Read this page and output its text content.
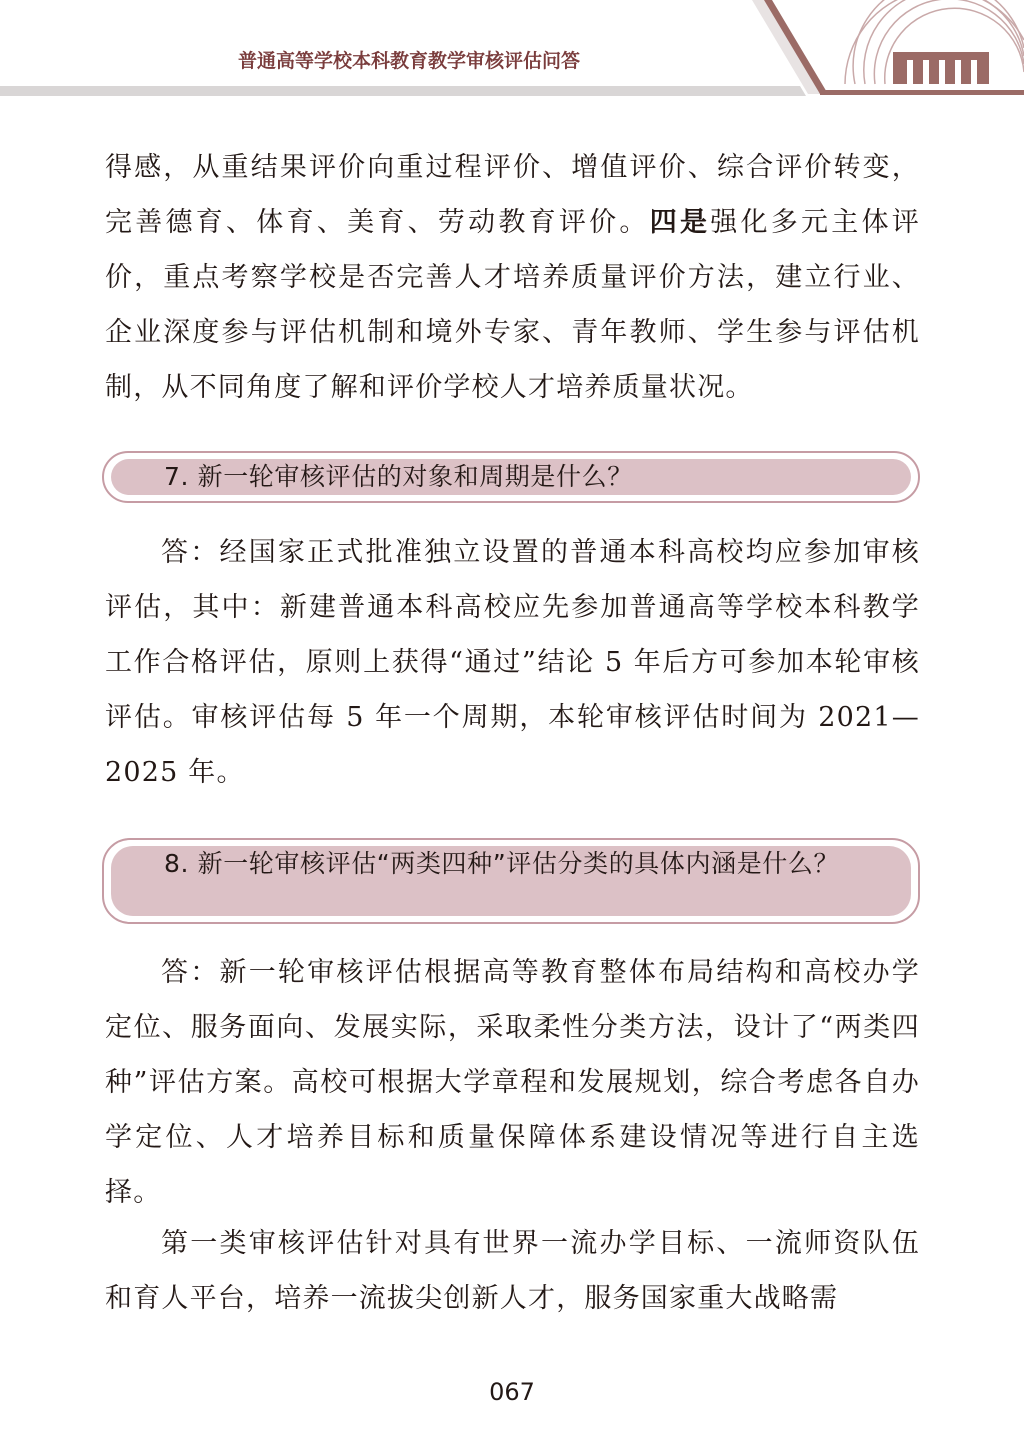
普通高等学校本科教育教学审核评估问答

得感，从重结果评价向重过程评价、增值评价、综合评价转变，完善德育、体育、美育、劳动教育评价。四是强化多元主体评价，重点考察学校是否完善人才培养质量评价方法，建立行业、企业深度参与评估机制和境外专家、青年教师、学生参与评估机制，从不同角度了解和评价学校人才培养质量状况。

7. 新一轮审核评估的对象和周期是什么？

答：经国家正式批准独立设置的普通本科高校均应参加审核评估，其中：新建普通本科高校应先参加普通高等学校本科教学工作合格评估，原则上获得“通过”结论 5 年后方可参加本轮审核评估。审核评估每 5 年一个周期，本轮审核评估时间为 2021—2025 年。

8. 新一轮审核评估“两类四种”评估分类的具体内涵是什么？

答：新一轮审核评估根据高等教育整体布局结构和高校办学定位、服务面向、发展实际，采取柔性分类方法，设计了“两类四种”评估方案。高校可根据大学章程和发展规划，综合考虑各自办学定位、人才培养目标和质量保障体系建设情况等进行自主选择。

第一类审核评估针对具有世界一流办学目标、一流师资队伍和育人平台，培养一流拔尖创新人才，服务国家重大战略需

067
